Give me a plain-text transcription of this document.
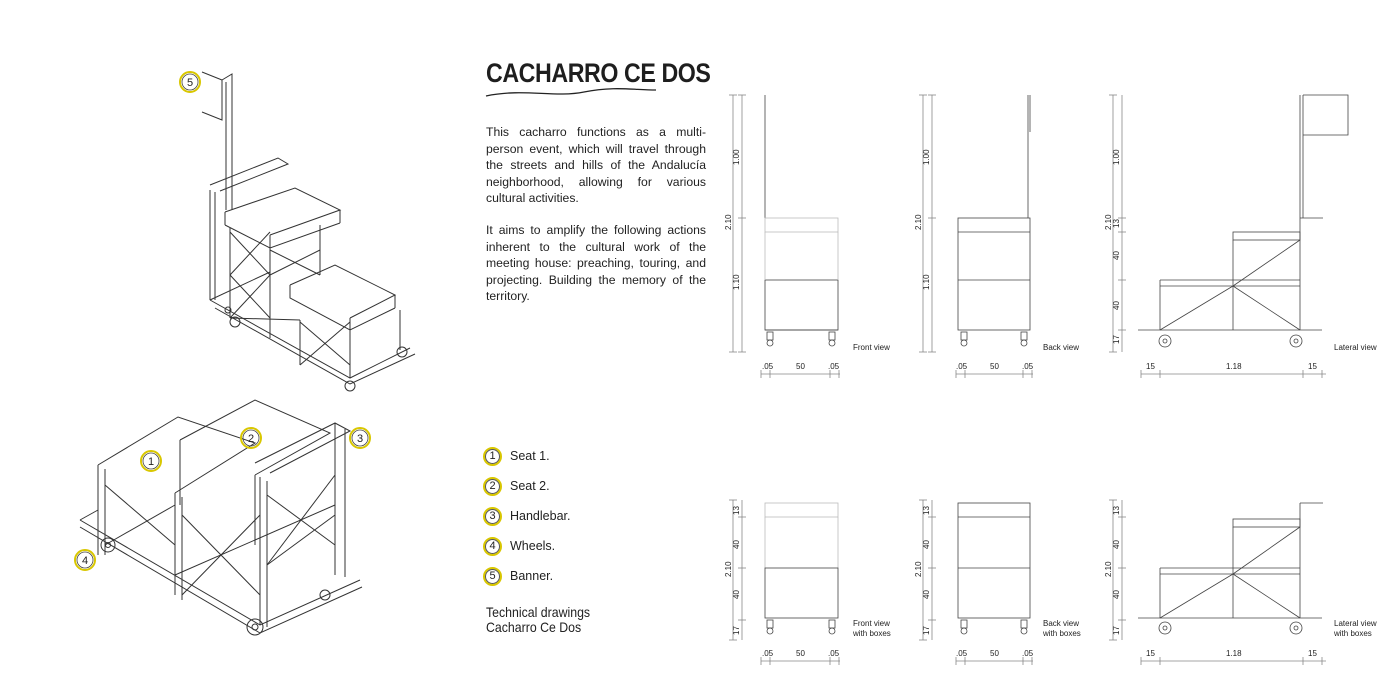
CACHARRO CE DOS
This cacharro functions as a multi-person event, which will travel through the streets and hills of the Andalucía neighborhood, allowing for various cultural activities.
It aims to amplify the following actions inherent to the cultural work of the meeting house: preaching, touring, and projecting. Building the memory of the territory.
1	Seat 1.
2	Seat 2.
3	Handlebar.
4	Wheels.
5	Banner.
Technical drawings
Cacharro Ce Dos
5
1
2	3
4
1.00
2.10
1.10
.05	50	.05
Front view
1.00
2.10
1.10
.05	50	.05
Back view
1.00
2.10 13
40
40
17
15	1.18	15
Lateral view
13
40
2.10
40
17
.05	50	.05
Front view
with boxes
13
40
2.10
40
17
.05	50	.05
Back view
with boxes
13
40
2.10
40
17
15	1.18	15
Lateral view
with boxes
